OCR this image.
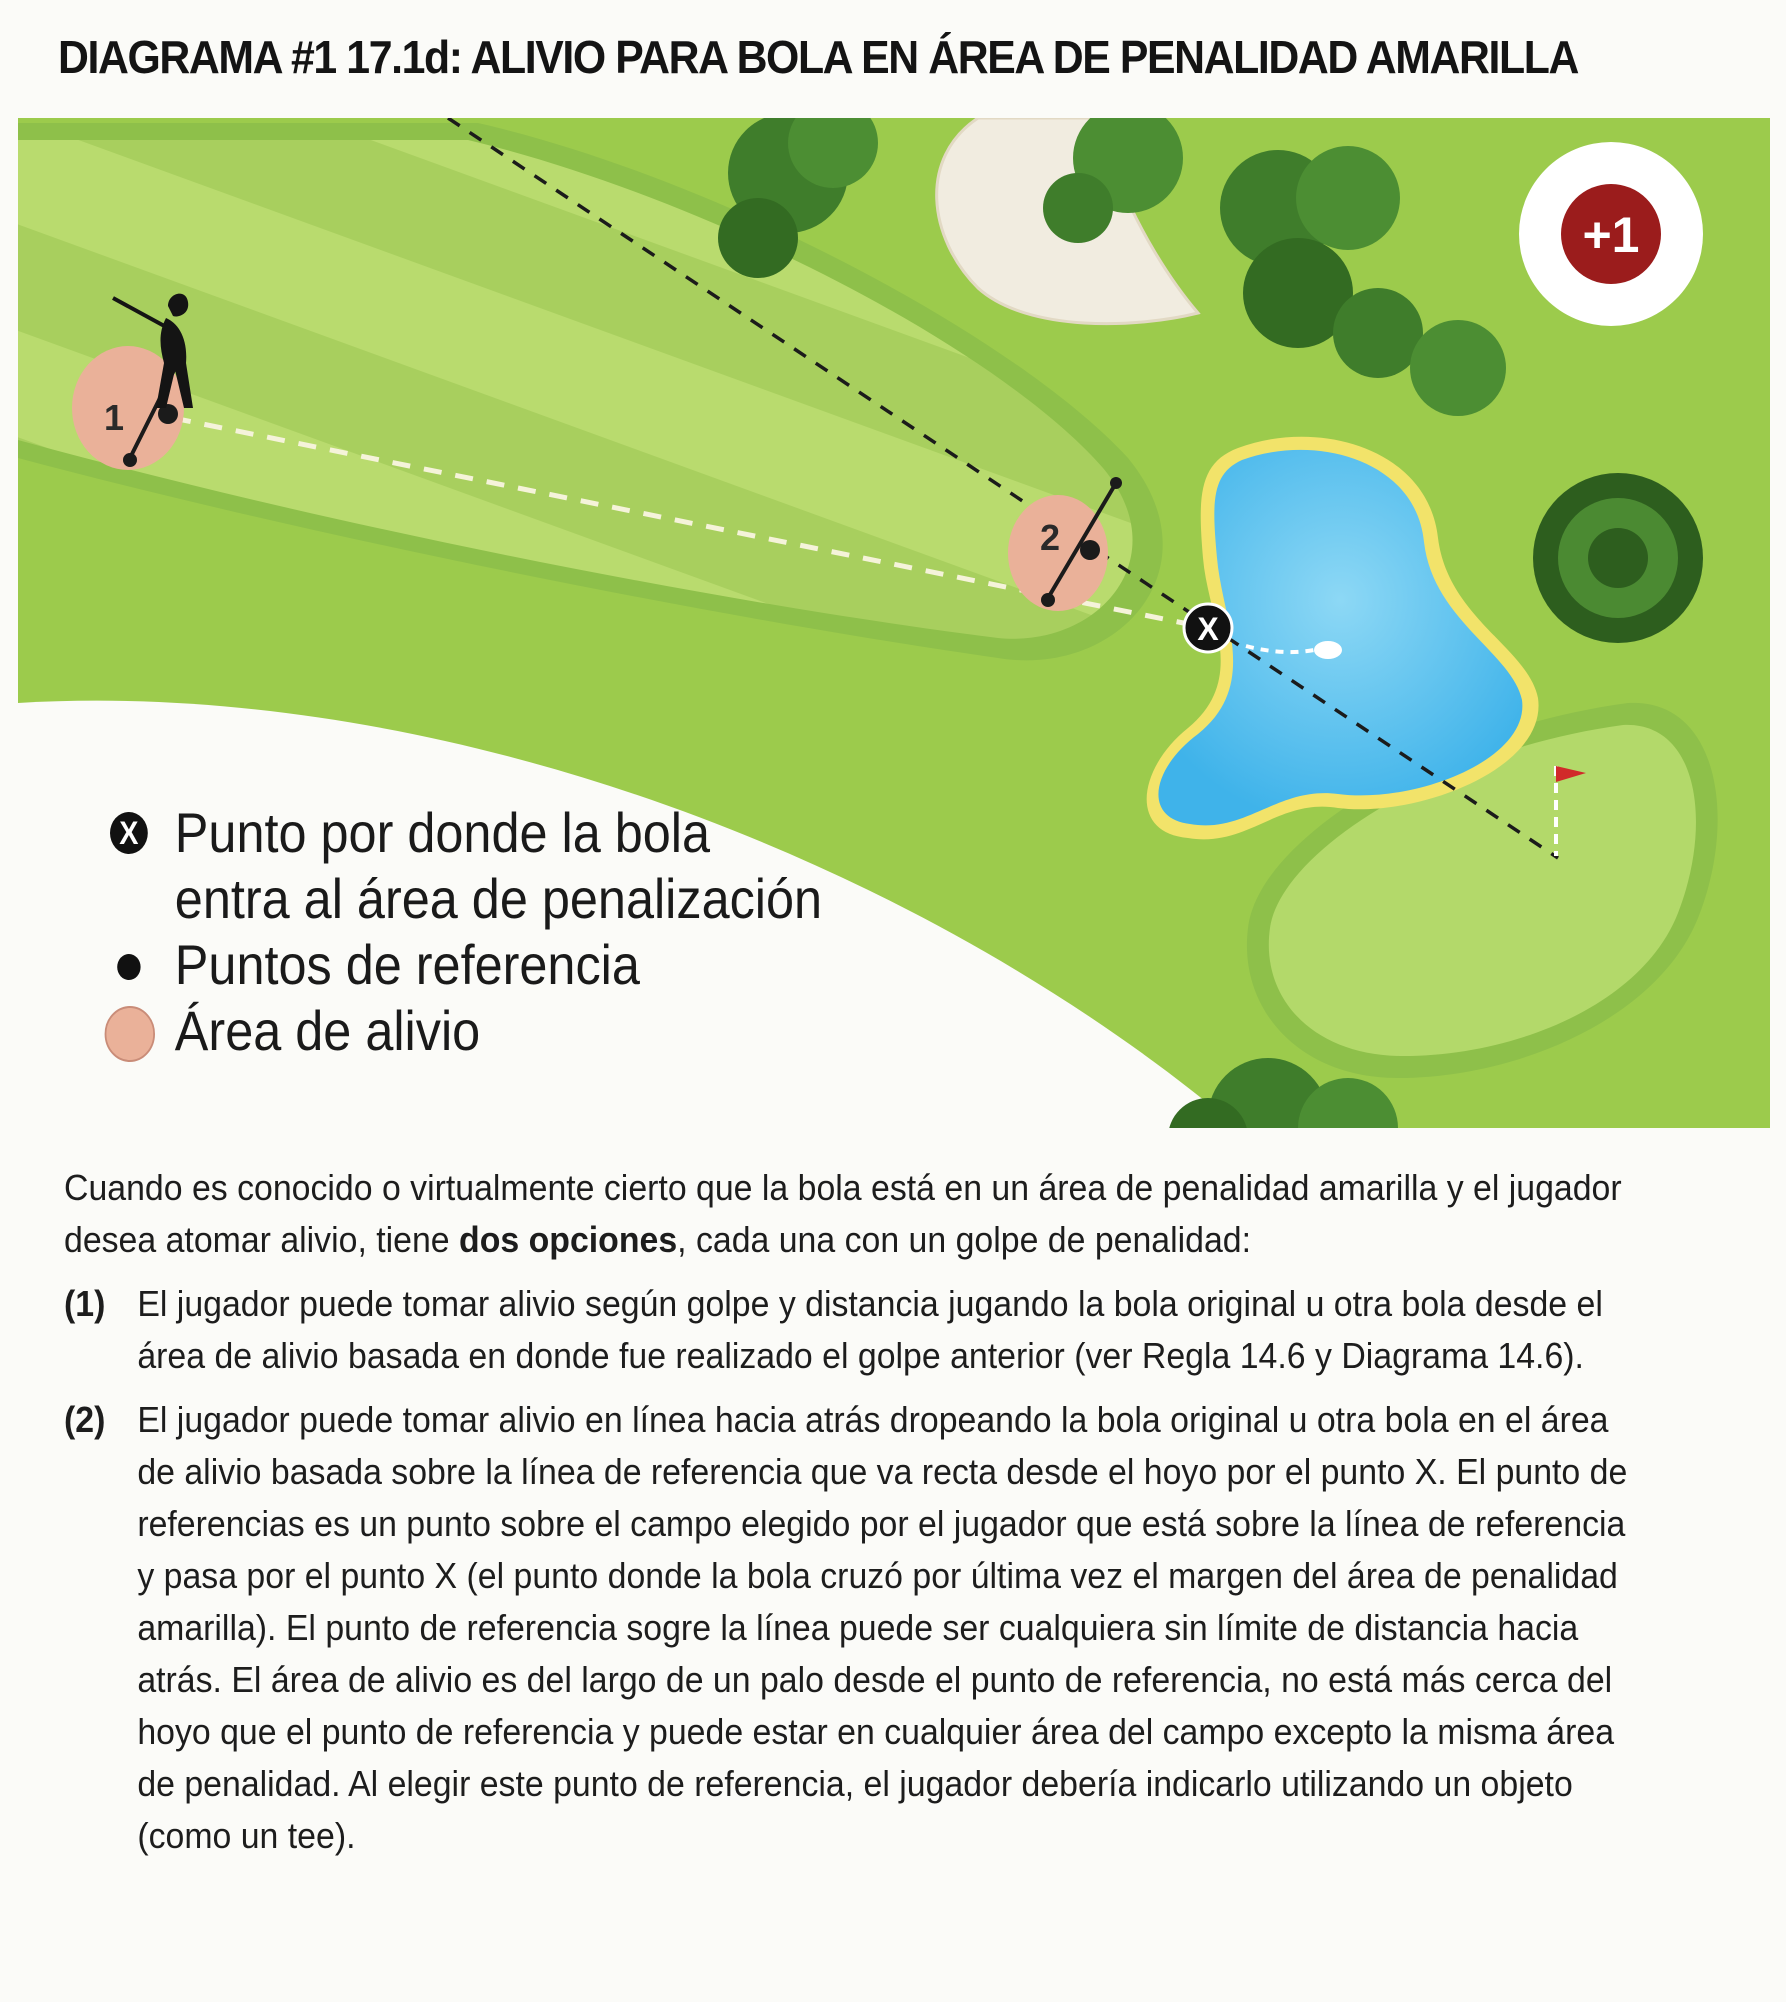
DIAGRAMA #1 17.1d: ALIVIO PARA BOLA EN ÁREA DE PENALIDAD AMARILLA
1
2
X
+1
X Punto por donde la bola
entra al área de penalización
Puntos de referencia
Área de alivio

Cuando es conocido o virtualmente cierto que la bola está en un área de penalidad amarilla y el jugador desea atomar alivio, tiene dos opciones, cada una con un golpe de penalidad:

(1) El jugador puede tomar alivio según golpe y distancia jugando la bola original u otra bola desde el área de alivio basada en donde fue realizado el golpe anterior (ver Regla 14.6 y Diagrama 14.6).

(2) El jugador puede tomar alivio en línea hacia atrás dropeando la bola original u otra bola en el área de alivio basada sobre la línea de referencia que va recta desde el hoyo por el punto X. El punto de referencias es un punto sobre el campo elegido por el jugador que está sobre la línea de referencia y pasa por el punto X (el punto donde la bola cruzó por última vez el margen del área de penalidad amarilla). El punto de referencia sogre la línea puede ser cualquiera sin límite de distancia hacia atrás. El área de alivio es del largo de un palo desde el punto de referencia, no está más cerca del hoyo que el punto de referencia y puede estar en cualquier área del campo excepto la misma área de penalidad. Al elegir este punto de referencia, el jugador debería indicarlo utilizando un objeto (como un tee).
